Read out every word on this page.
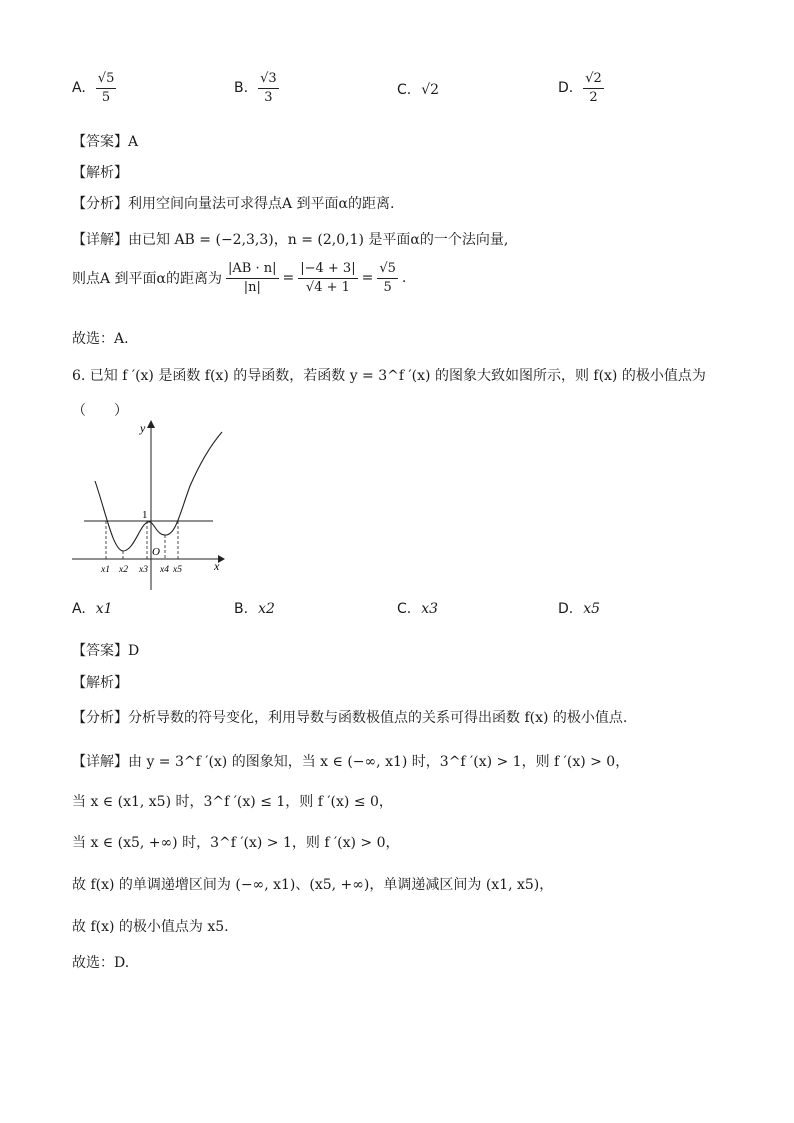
A. $\frac{√5}{5}$	B. $\frac{√3}{3}$	C. √2	D. $\frac{√2}{2}$
【答案】A
【解析】
【分析】利用空间向量法可求得点A 到平面α的距离.
【详解】由已知 AB = (−2,3,3)，n = (2,0,1) 是平面α的一个法向量,
则点A 到平面α的距离为 $\frac{|AB \cdot n|}{|n|} = \frac{|-4 + 3|}{√4 + 1} = \frac{√5}{5}$ .
故选：A.
6. 已知 f ′(x) 是函数 f(x) 的导函数，若函数 y = 3^f ′(x) 的图象大致如图所示，则 f(x) 的极小值点为
（　　）
y
x
1
O
x1 x2 x3 x4 x5
A. x1	B. x2	C. x3	D. x5
【答案】D
【解析】
【分析】分析导数的符号变化，利用导数与函数极值点的关系可得出函数 f(x) 的极小值点.
【详解】由 y = 3^f ′(x) 的图象知，当 x ∈ (−∞, x1) 时，3^f ′(x) > 1，则 f ′(x) > 0，
当 x ∈ (x1, x5) 时，3^f ′(x) ≤ 1，则 f ′(x) ≤ 0，
当 x ∈ (x5, +∞) 时，3^f ′(x) > 1，则 f ′(x) > 0，
故 f(x) 的单调递增区间为 (−∞, x1)、(x5, +∞)，单调递减区间为 (x1, x5)，
故 f(x) 的极小值点为 x5.
故选：D.
